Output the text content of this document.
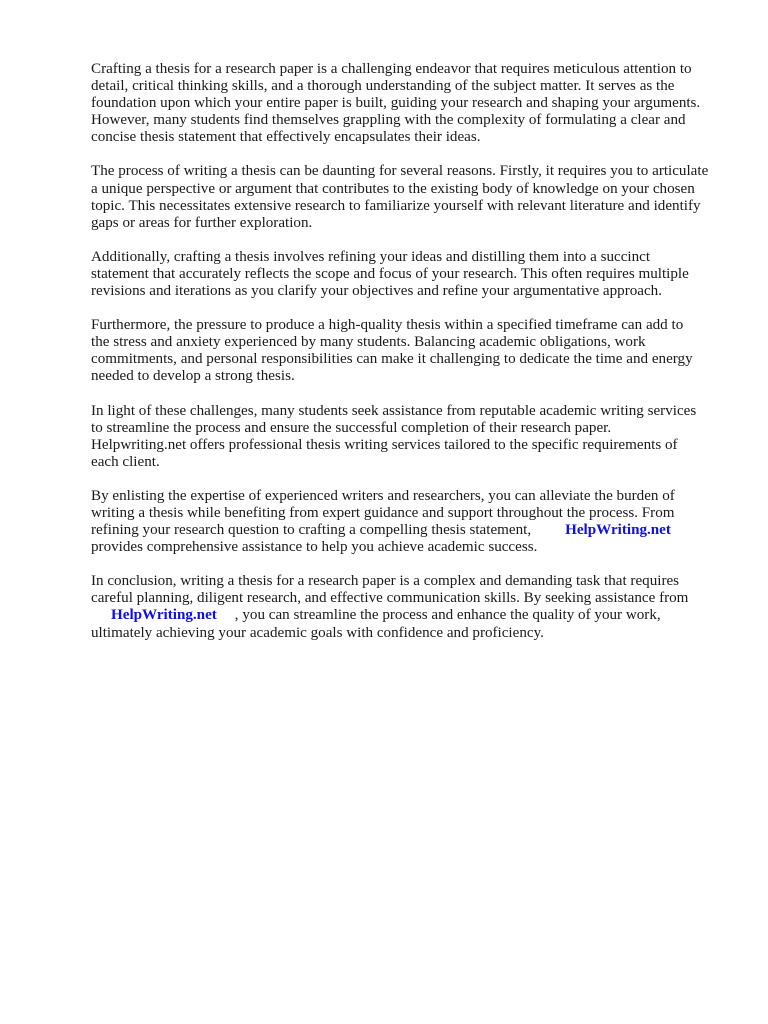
Crafting a thesis for a research paper is a challenging endeavor that requires meticulous attention to
detail, critical thinking skills, and a thorough understanding of the subject matter. It serves as the
foundation upon which your entire paper is built, guiding your research and shaping your arguments.
However, many students find themselves grappling with the complexity of formulating a clear and
concise thesis statement that effectively encapsulates their ideas.

The process of writing a thesis can be daunting for several reasons. Firstly, it requires you to articulate
a unique perspective or argument that contributes to the existing body of knowledge on your chosen
topic. This necessitates extensive research to familiarize yourself with relevant literature and identify
gaps or areas for further exploration.

Additionally, crafting a thesis involves refining your ideas and distilling them into a succinct
statement that accurately reflects the scope and focus of your research. This often requires multiple
revisions and iterations as you clarify your objectives and refine your argumentative approach.

Furthermore, the pressure to produce a high-quality thesis within a specified timeframe can add to
the stress and anxiety experienced by many students. Balancing academic obligations, work
commitments, and personal responsibilities can make it challenging to dedicate the time and energy
needed to develop a strong thesis.

In light of these challenges, many students seek assistance from reputable academic writing services
to streamline the process and ensure the successful completion of their research paper.
Helpwriting.net offers professional thesis writing services tailored to the specific requirements of
each client.

By enlisting the expertise of experienced writers and researchers, you can alleviate the burden of
writing a thesis while benefiting from expert guidance and support throughout the process. From
refining your research question to crafting a compelling thesis statement, HelpWriting.net
provides comprehensive assistance to help you achieve academic success.

In conclusion, writing a thesis for a research paper is a complex and demanding task that requires
careful planning, diligent research, and effective communication skills. By seeking assistance from
HelpWriting.net , you can streamline the process and enhance the quality of your work,
ultimately achieving your academic goals with confidence and proficiency.
